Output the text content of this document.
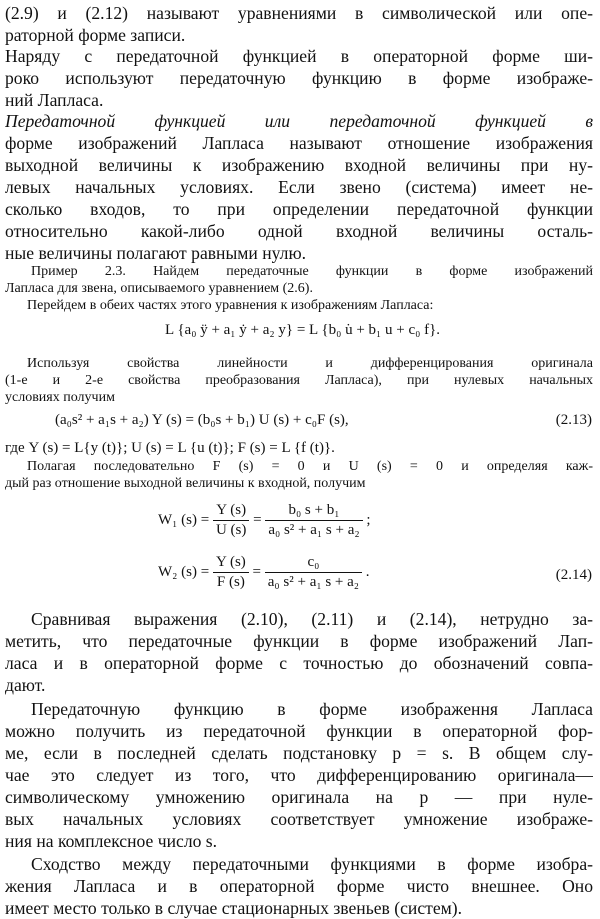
(2.9) и (2.12) называют уравнениями в символической или опе-
раторной форме записи.
Наряду с передаточной функцией в операторной форме ши-
роко используют передаточную функцию в форме изображе-
ний Лапласа.
Передаточной функцией или передаточной функцией в
форме изображений Лапласа называют отношение изображения
выходной величины к изображению входной величины при ну-
левых начальных условиях. Если звено (система) имеет не-
сколько входов, то при определении передаточной функции
относительно какой-либо одной входной величины осталь-
ные величины полагают равными нулю.
Пример 2.3. Найдем передаточные функции в форме изображений
Лапласа для звена, описываемого уравнением (2.6).
Перейдем в обеих частях этого уравнения к изображениям Лапласа:
L {a₀ ÿ + a₁ ẏ + a₂ y} = L {b₀ u̇ + b₁ u + c₀ f}.
Используя свойства линейности и дифференцирования оригинала
(1-е и 2-е свойства преобразования Лапласа), при нулевых начальных
условиях получим
(a₀s² + a₁s + a₂) Y (s) = (b₀s + b₁) U (s) + c₀F (s),	(2.13)
где Y (s) = L{y (t)}; U (s) = L {u (t)}; F (s) = L {f (t)}.
Полагая последовательно F (s) = 0 и U (s) = 0 и определяя каж-
дый раз отношение выходной величины к входной, получим
W₁ $(s) = \frac{Y (s)}{U (s)} = \frac{\text{b₀ s + b₁}}{\text{a₀ s² + a₁ s + a₂}}$ ;
W₂ $(s) = \frac{Y (s)}{F (s)} = \frac{\text{c₀}}{\text{a₀ s² + a₁ s + a₂}}$ .	(2.14)
Сравнивая выражения (2.10), (2.11) и (2.14), нетрудно за-
метить, что передаточные функции в форме изображений Лап-
ласа и в операторной форме с точностью до обозначений совпа-
дают.
Передаточную функцию в форме изображення Лапласа
можно получить из передаточной функции в операторной фор-
ме, если в последней сделать подстановку p = s. В общем слу-
чае это следует из того, что дифференцированию оригинала—
символическому умножению оригинала на p — при нуле-
вых начальных условиях соответствует умножение изображе-
ния на комплексное число s.
Сходство между передаточными функциями в форме изобра-
жения Лапласа и в операторной форме чисто внешнее. Оно
имеет место только в случае стационарных звеньев (систем).
